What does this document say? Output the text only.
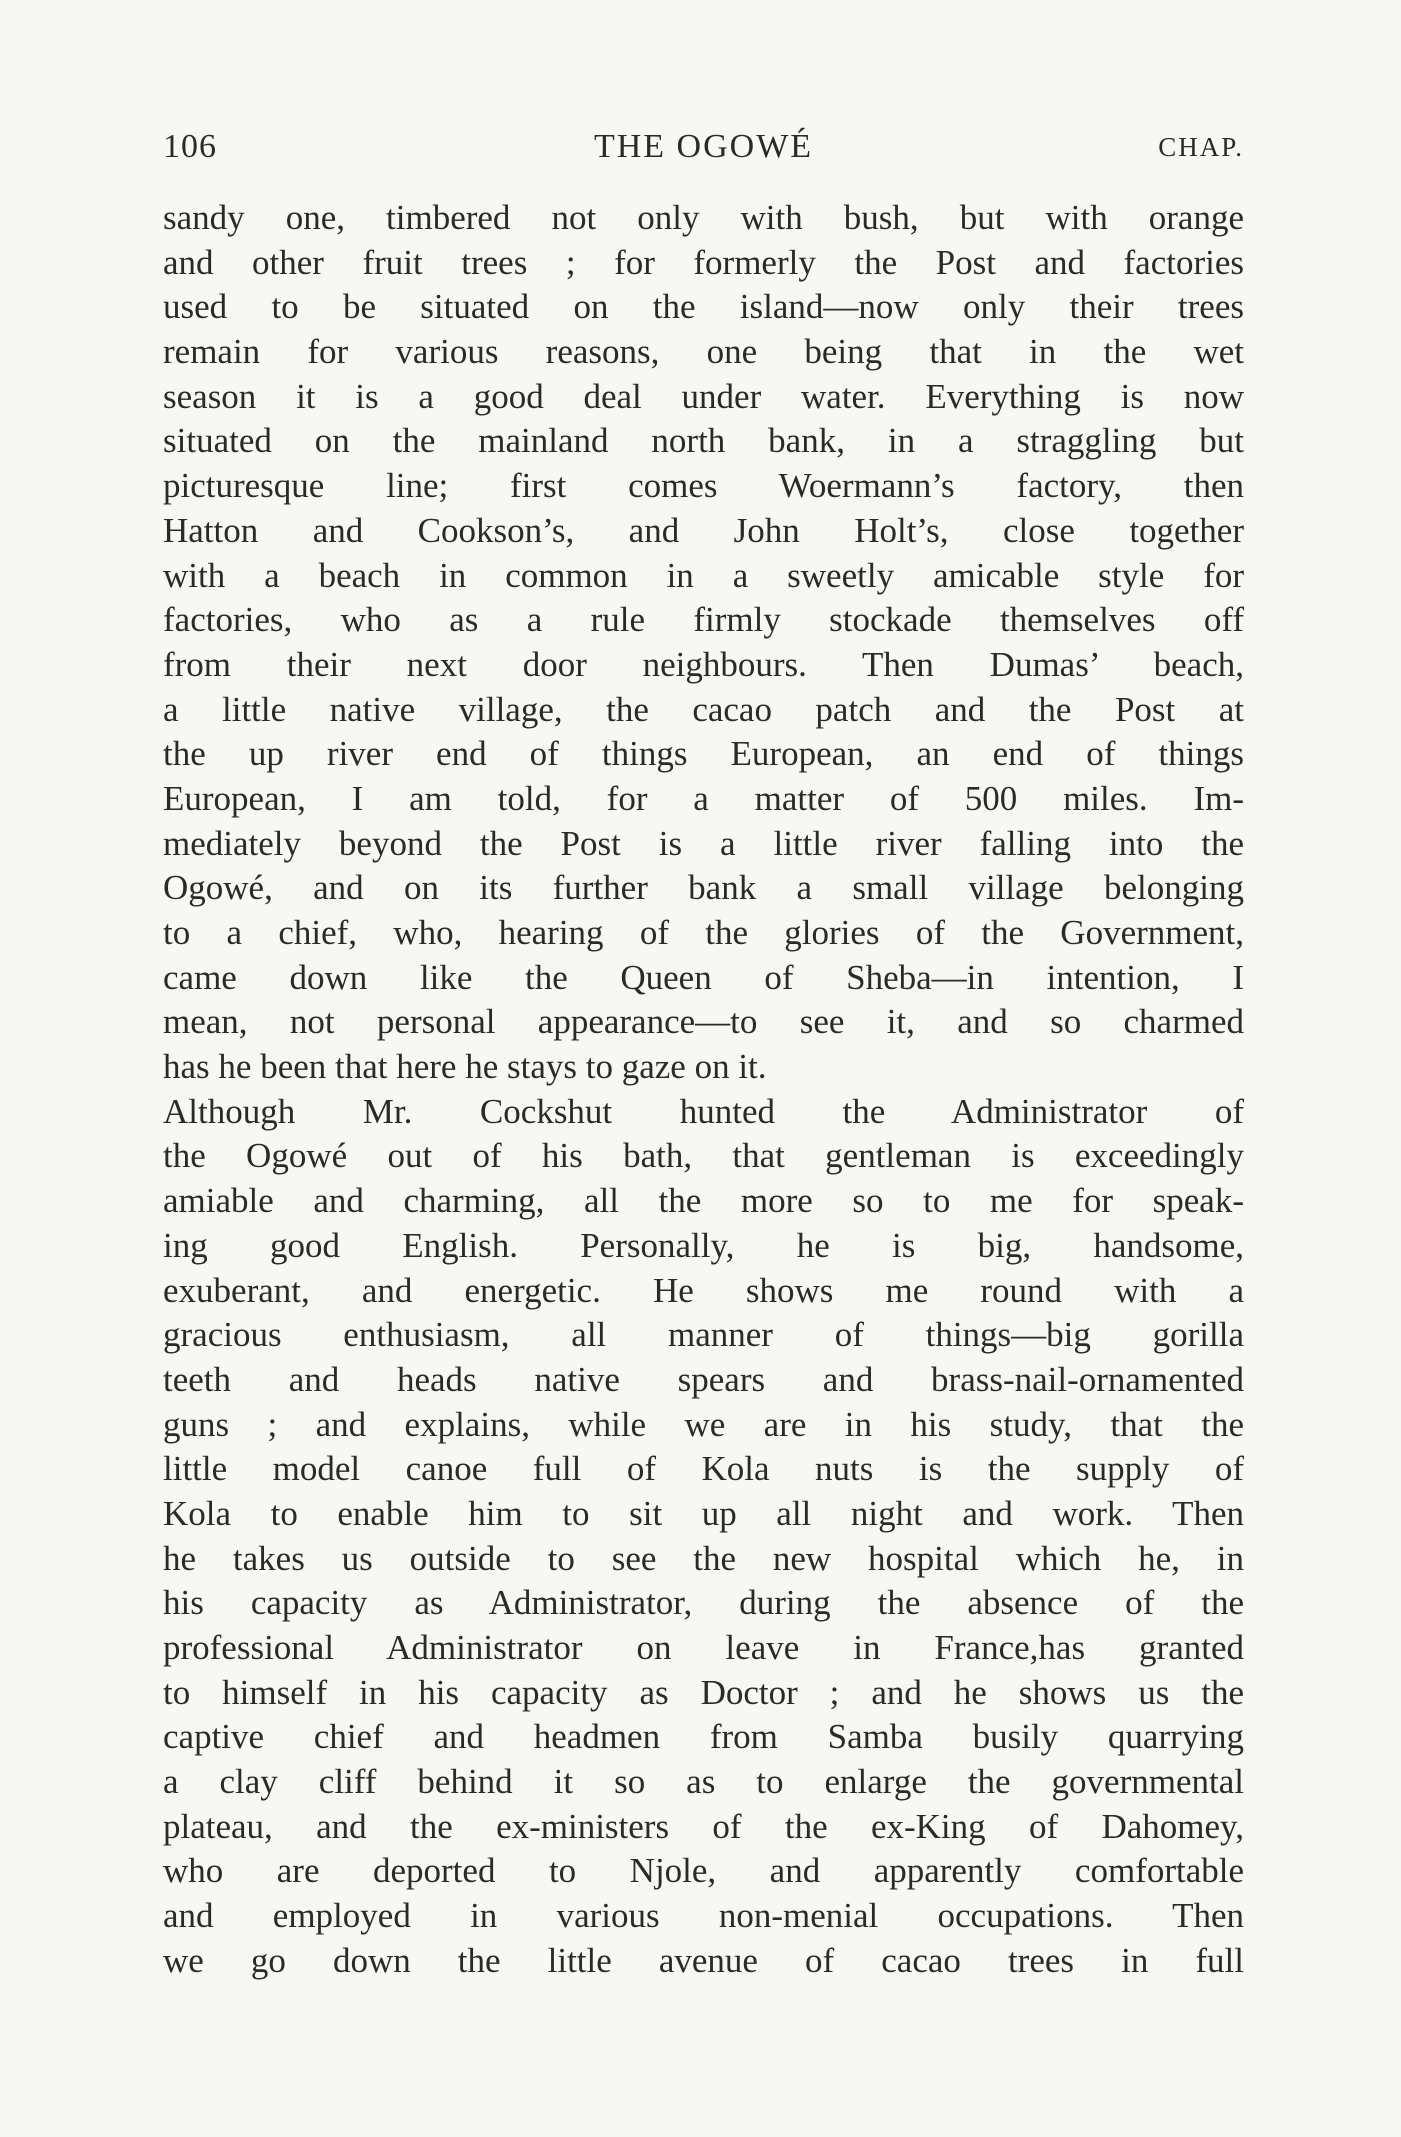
106	THE OGOWÉ	CHAP.
sandy one, timbered not only with bush, but with orange
and other fruit trees ; for formerly the Post and factories
used to be situated on the island—now only their trees
remain for various reasons, one being that in the wet
season it is a good deal under water. Everything is now
situated on the mainland north bank, in a straggling but
picturesque line; first comes Woermann’s factory, then
Hatton and Cookson’s, and John Holt’s, close together
with a beach in common in a sweetly amicable style for
factories, who as a rule firmly stockade themselves off
from their next door neighbours. Then Dumas’ beach,
a little native village, the cacao patch and the Post at
the up river end of things European, an end of things
European, I am told, for a matter of 500 miles. Im-
mediately beyond the Post is a little river falling into the
Ogowé, and on its further bank a small village belonging
to a chief, who, hearing of the glories of the Government,
came down like the Queen of Sheba—in intention, I
mean, not personal appearance—to see it, and so charmed
has he been that here he stays to gaze on it.
Although Mr. Cockshut hunted the Administrator of
the Ogowé out of his bath, that gentleman is exceedingly
amiable and charming, all the more so to me for speak-
ing good English. Personally, he is big, handsome,
exuberant, and energetic. He shows me round with a
gracious enthusiasm, all manner of things—big gorilla
teeth and heads native spears and brass-nail-ornamented
guns ; and explains, while we are in his study, that the
little model canoe full of Kola nuts is the supply of
Kola to enable him to sit up all night and work. Then
he takes us outside to see the new hospital which he, in
his capacity as Administrator, during the absence of the
professional Administrator on leave in France,has granted
to himself in his capacity as Doctor ; and he shows us the
captive chief and headmen from Samba busily quarrying
a clay cliff behind it so as to enlarge the governmental
plateau, and the ex-ministers of the ex-King of Dahomey,
who are deported to Njole, and apparently comfortable
and employed in various non-menial occupations. Then
we go down the little avenue of cacao trees in full
